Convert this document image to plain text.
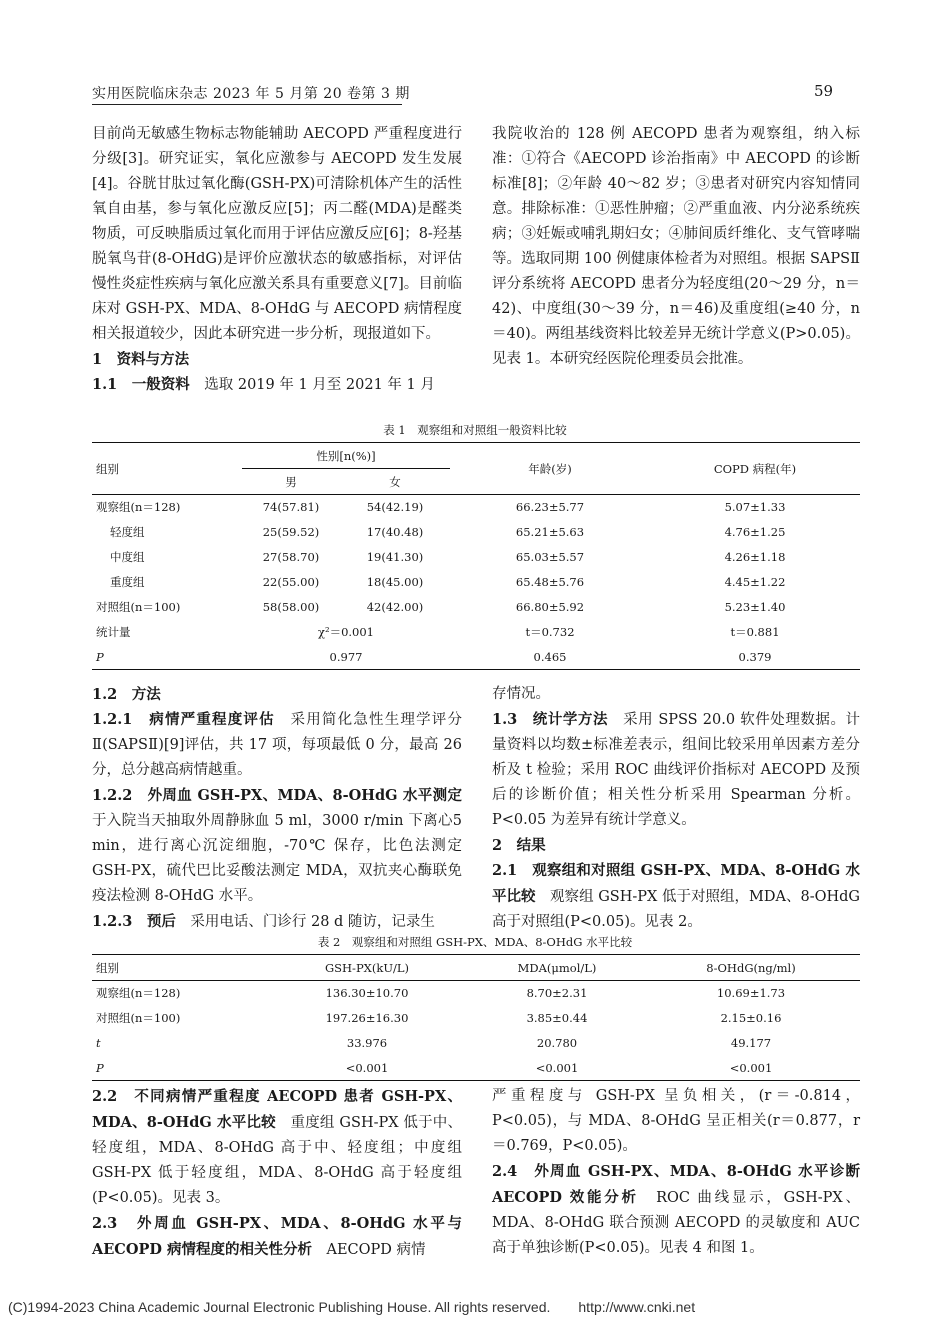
实用医院临床杂志 2023 年 5 月第 20 卷第 3 期	59

目前尚无敏感生物标志物能辅助 AECOPD 严重程度进行分级[3]。研究证实，氧化应激参与 AECOPD 发生发展[4]。谷胱甘肽过氧化酶(GSH-PX)可清除机体产生的活性氧自由基，参与氧化应激反应[5]；丙二醛(MDA)是醛类物质，可反映脂质过氧化而用于评估应激反应[6]；8-羟基脱氧鸟苷(8-OHdG)是评价应激状态的敏感指标，对评估慢性炎症性疾病与氧化应激关系具有重要意义[7]。目前临床对 GSH-PX、MDA、8-OHdG 与 AECOPD 病情程度相关报道较少，因此本研究进一步分析，现报道如下。

1　资料与方法

1.1　一般资料　 选取 2019 年 1 月至 2021 年 1 月

我院收治的 128 例 AECOPD 患者为观察组，纳入标准：①符合《AECOPD 诊治指南》中 AECOPD 的诊断标准[8]；②年龄 40～82 岁；③患者对研究内容知情同意。排除标准：①恶性肿瘤；②严重血液、内分泌系统疾病；③妊娠或哺乳期妇女；④肺间质纤维化、支气管哮喘等。选取同期 100 例健康体检者为对照组。根据 SAPSⅡ评分系统将 AECOPD 患者分为轻度组(20～29 分，n＝42)、中度组(30～39 分，n＝46)及重度组(≥40 分，n＝40)。两组基线资料比较差异无统计学意义(P>0.05)。见表 1。本研究经医院伦理委员会批准。

表 1　观察组和对照组一般资料比较
组别	性别[n(%)]		年龄(岁)	COPD 病程(年)
	男	女		
观察组(n＝128)	74(57.81)	54(42.19)	66.23±5.77	5.07±1.33
轻度组	25(59.52)	17(40.48)	65.21±5.63	4.76±1.25
中度组	27(58.70)	19(41.30)	65.03±5.57	4.26±1.18
重度组	22(55.00)	18(45.00)	65.48±5.76	4.45±1.22
对照组(n＝100)	58(58.00)	42(42.00)	66.80±5.92	5.23±1.40
统计量	χ²＝0.001		t＝0.732	t＝0.881
P	0.977		0.465	0.379

1.2　方法

1.2.1　病情严重程度评估　 采用简化急性生理学评分Ⅱ(SAPSⅡ)[9]评估，共 17 项，每项最低 0 分，最高 26 分，总分越高病情越重。

1.2.2　外周血 GSH-PX、MDA、8-OHdG 水平测定　于入院当天抽取外周静脉血 5 ml，3000 r/min 下离心5 min，进行离心沉淀细胞，-70℃ 保存，比色法测定 GSH-PX，硫代巴比妥酸法测定 MDA，双抗夹心酶联免疫法检测 8-OHdG 水平。

1.2.3　预后　 采用电话、门诊行 28 d 随访，记录生

存情况。

1.3　统计学方法　 采用 SPSS 20.0 软件处理数据。计量资料以均数±标准差表示，组间比较采用单因素方差分析及 t 检验；采用 ROC 曲线评价指标对 AECOPD 及预后的诊断价值；相关性分析采用 Spearman 分析。P<0.05 为差异有统计学意义。

2　结果

2.1　观察组和对照组 GSH-PX、MDA、8-OHdG 水平比较　 观察组 GSH-PX 低于对照组，MDA、8-OHdG 高于对照组(P<0.05)。见表 2。

表 2　观察组和对照组 GSH-PX、MDA、8-OHdG 水平比较
组别	GSH-PX(kU/L)	MDA(μmol/L)	8-OHdG(ng/ml)
观察组(n＝128)	136.30±10.70	8.70±2.31	10.69±1.73
对照组(n＝100)	197.26±16.30	3.85±0.44	2.15±0.16
t	33.976	20.780	49.177
P	<0.001	<0.001	<0.001

2.2　不同病情严重程度 AECOPD 患者 GSH-PX、MDA、8-OHdG 水平比较　 重度组 GSH-PX 低于中、轻度组，MDA、8-OHdG 高于中、轻度组；中度组 GSH-PX 低于轻度组，MDA、8-OHdG 高于轻度组(P<0.05)。见表 3。

2.3　外周血 GSH-PX、MDA、8-OHdG 水平与 AECOPD 病情程度的相关性分析　 AECOPD 病情

严重程度与 GSH-PX 呈负相关，(r＝-0.814，P<0.05)，与 MDA、8-OHdG 呈正相关(r＝0.877，r＝0.769，P<0.05)。

2.4　外周血 GSH-PX、MDA、8-OHdG 水平诊断 AECOPD 效能分析　 ROC 曲线显示，GSH-PX、MDA、8-OHdG 联合预测 AECOPD 的灵敏度和 AUC 高于单独诊断(P<0.05)。见表 4 和图 1。

(C)1994-2023 China Academic Journal Electronic Publishing House. All rights reserved.　　http://www.cnki.net
